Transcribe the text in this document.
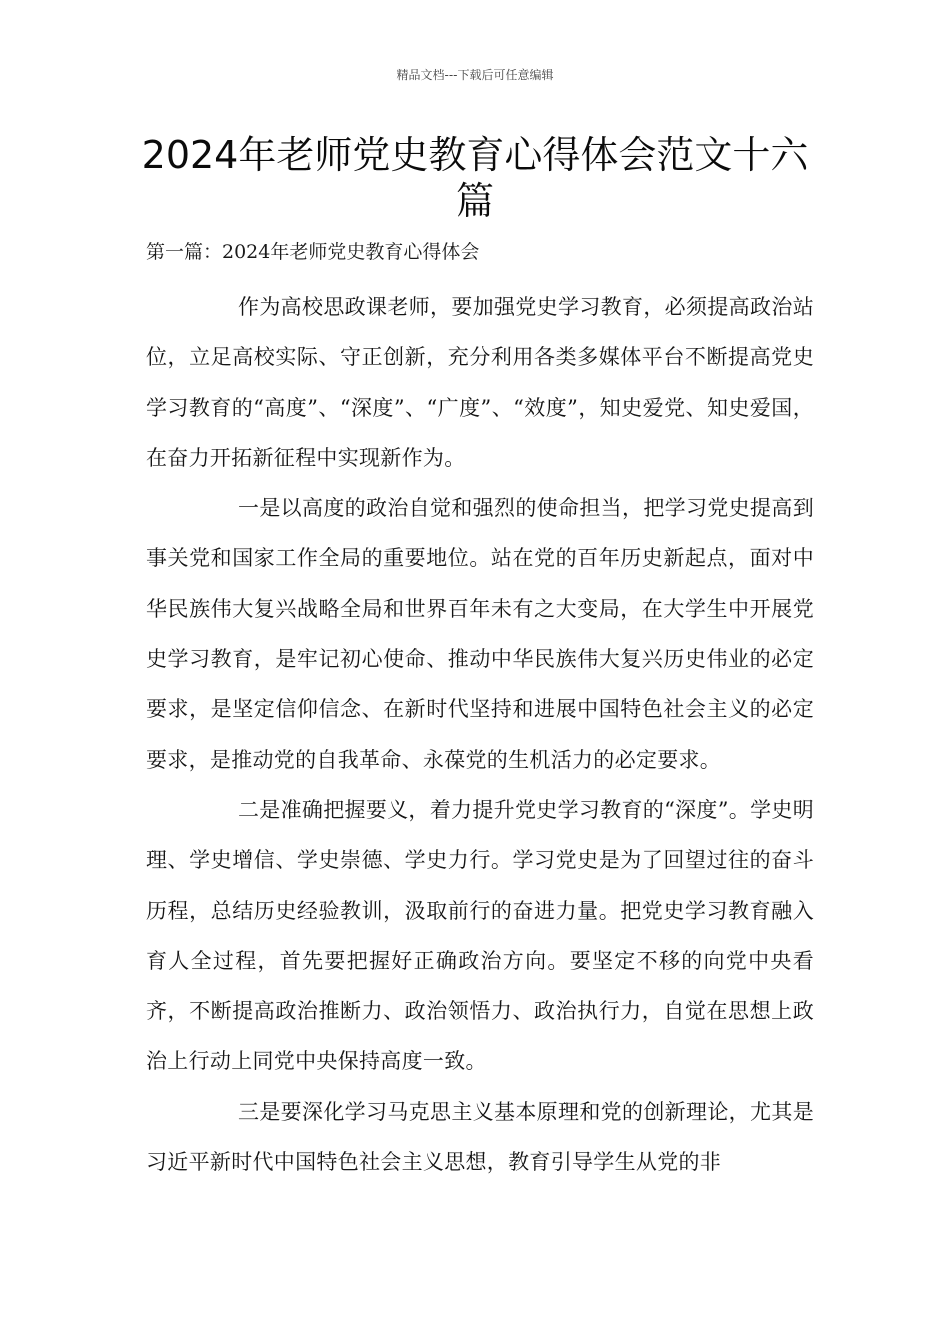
精品文档---下载后可任意编辑
2024年老师党史教育心得体会范文十六篇
第一篇：2024年老师党史教育心得体会

作为高校思政课老师，要加强党史学习教育，必须提高政治站位，立足高校实际、守正创新，充分利用各类多媒体平台不断提高党史学习教育的“高度”、“深度”、“广度”、“效度”，知史爱党、知史爱国，在奋力开拓新征程中实现新作为。

一是以高度的政治自觉和强烈的使命担当，把学习党史提高到事关党和国家工作全局的重要地位。站在党的百年历史新起点，面对中华民族伟大复兴战略全局和世界百年未有之大变局，在大学生中开展党史学习教育，是牢记初心使命、推动中华民族伟大复兴历史伟业的必定要求，是坚定信仰信念、在新时代坚持和进展中国特色社会主义的必定要求，是推动党的自我革命、永葆党的生机活力的必定要求。

二是准确把握要义，着力提升党史学习教育的“深度”。学史明理、学史增信、学史崇德、学史力行。学习党史是为了回望过往的奋斗历程，总结历史经验教训，汲取前行的奋进力量。把党史学习教育融入育人全过程，首先要把握好正确政治方向。要坚定不移的向党中央看齐，不断提高政治推断力、政治领悟力、政治执行力，自觉在思想上政治上行动上同党中央保持高度一致。

三是要深化学习马克思主义基本原理和党的创新理论，尤其是习近平新时代中国特色社会主义思想，教育引导学生从党的非
